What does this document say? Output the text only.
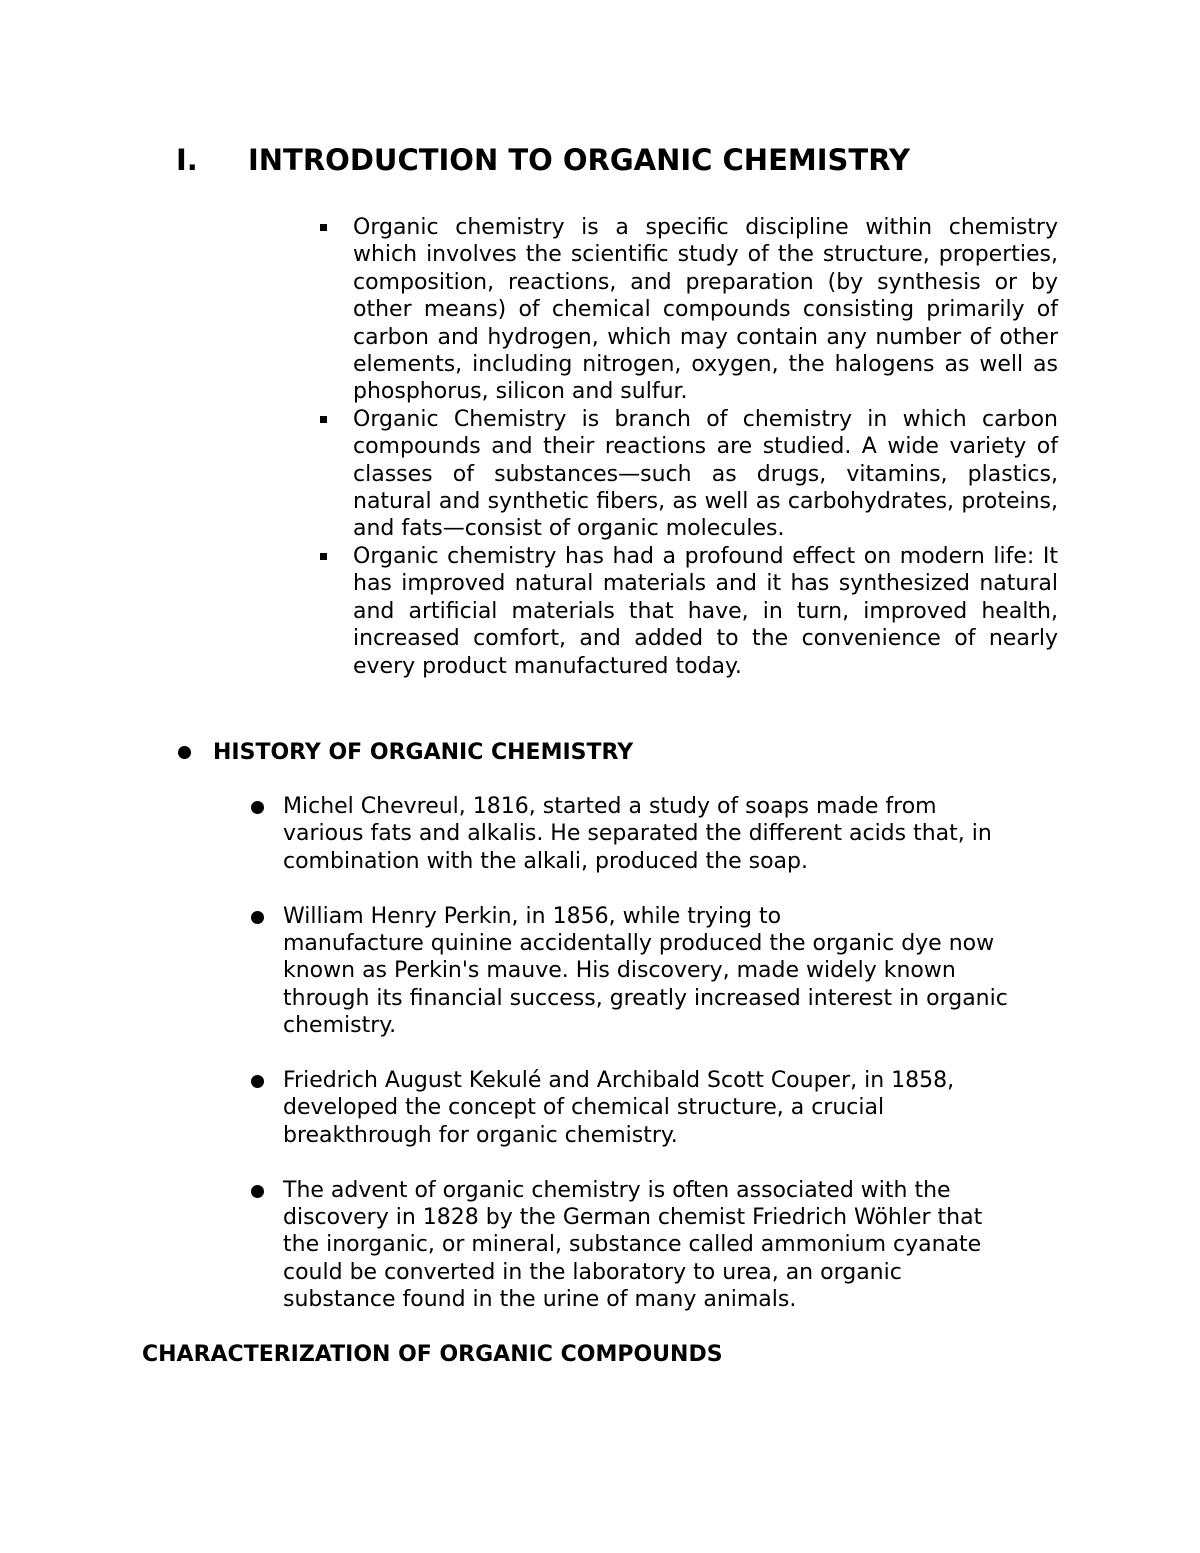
I. INTRODUCTION TO ORGANIC CHEMISTRY
Organic chemistry is a specific discipline within chemistry which involves the scientific study of the structure, properties, composition, reactions, and preparation (by synthesis or by other means) of chemical compounds consisting primarily of carbon and hydrogen, which may contain any number of other elements, including nitrogen, oxygen, the halogens as well as phosphorus, silicon and sulfur.
Organic Chemistry is branch of chemistry in which carbon compounds and their reactions are studied. A wide variety of classes of substances—such as drugs, vitamins, plastics, natural and synthetic fibers, as well as carbohydrates, proteins, and fats—consist of organic molecules.
Organic chemistry has had a profound effect on modern life: It has improved natural materials and it has synthesized natural and artificial materials that have, in turn, improved health, increased comfort, and added to the convenience of nearly every product manufactured today.
HISTORY OF ORGANIC CHEMISTRY
Michel Chevreul, 1816, started a study of soaps made from
various fats and alkalis. He separated the different acids that, in
combination with the alkali, produced the soap.
William Henry Perkin, in 1856, while trying to
manufacture quinine accidentally produced the organic dye now
known as Perkin's mauve. His discovery, made widely known
through its financial success, greatly increased interest in organic
chemistry.
Friedrich August Kekulé and Archibald Scott Couper, in 1858,
developed the concept of chemical structure, a crucial
breakthrough for organic chemistry.
The advent of organic chemistry is often associated with the
discovery in 1828 by the German chemist Friedrich Wöhler that
the inorganic, or mineral, substance called ammonium cyanate
could be converted in the laboratory to urea, an organic
substance found in the urine of many animals.
CHARACTERIZATION OF ORGANIC COMPOUNDS
